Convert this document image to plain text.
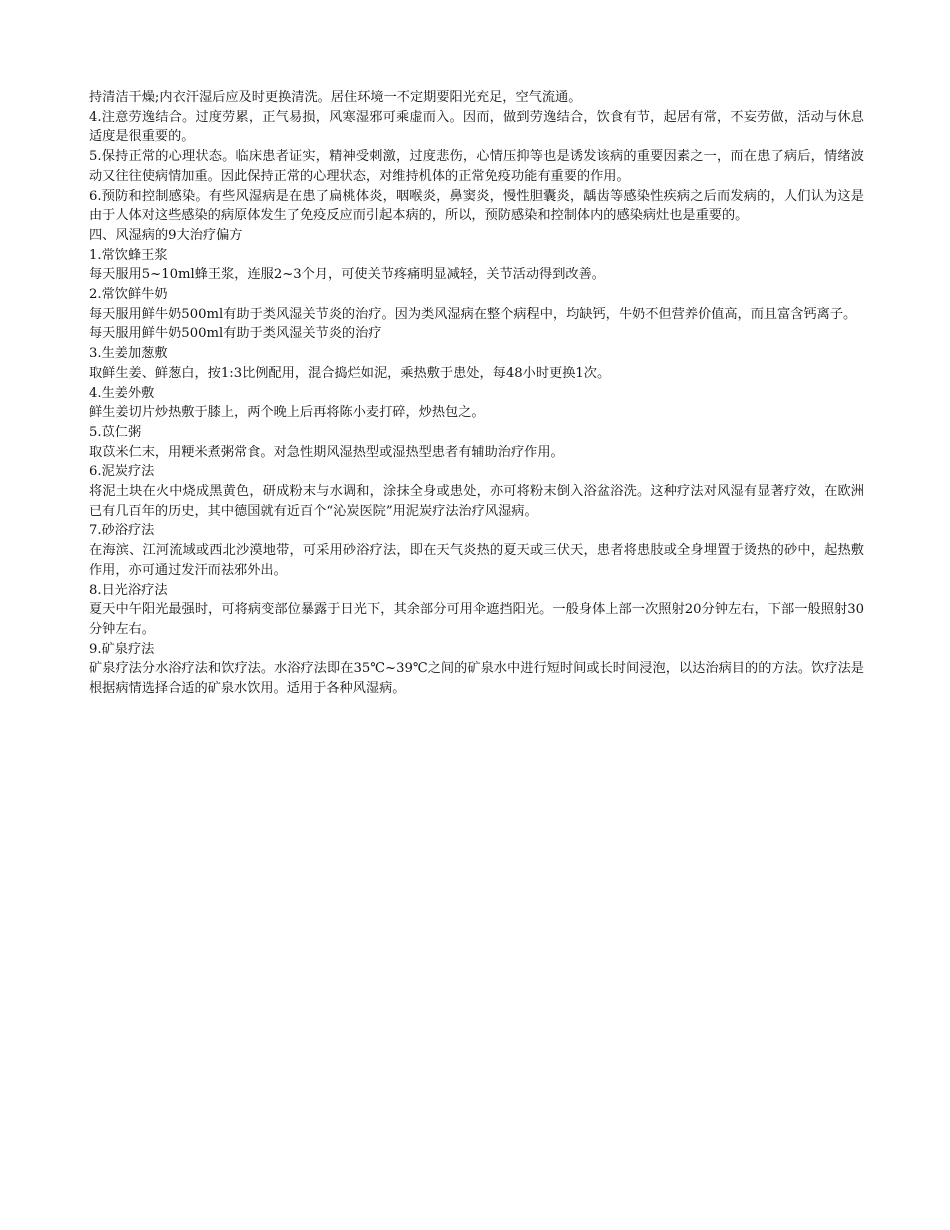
持清洁干燥;内衣汗湿后应及时更换清洗。居住环境一不定期要阳光充足，空气流通。

4.注意劳逸结合。过度劳累，正气易损，风寒湿邪可乘虚而入。因而，做到劳逸结合，饮食有节，起居有常，不妄劳做，活动与休息适度是很重要的。

5.保持正常的心理状态。临床患者证实，精神受刺激，过度悲伤，心情压抑等也是诱发该病的重要因素之一，而在患了病后，情绪波动又往往使病情加重。因此保持正常的心理状态，对维持机体的正常免疫功能有重要的作用。

6.预防和控制感染。有些风湿病是在患了扁桃体炎，咽喉炎，鼻窦炎，慢性胆囊炎，龋齿等感染性疾病之后而发病的，人们认为这是由于人体对这些感染的病原体发生了免疫反应而引起本病的，所以，预防感染和控制体内的感染病灶也是重要的。

四、风湿病的9大治疗偏方

1.常饮蜂王浆

每天服用5~10ml蜂王浆，连服2~3个月，可使关节疼痛明显减轻，关节活动得到改善。

2.常饮鲜牛奶

每天服用鲜牛奶500ml有助于类风湿关节炎的治疗。因为类风湿病在整个病程中，均缺钙，牛奶不但营养价值高，而且富含钙离子。

每天服用鲜牛奶500ml有助于类风湿关节炎的治疗

3.生姜加葱敷

取鲜生姜、鲜葱白，按1:3比例配用，混合捣烂如泥，乘热敷于患处，每48小时更换1次。

4.生姜外敷

鲜生姜切片炒热敷于膝上，两个晚上后再将陈小麦打碎，炒热包之。

5.苡仁粥

取苡米仁末，用粳米煮粥常食。对急性期风湿热型或湿热型患者有辅助治疗作用。

6.泥炭疗法

将泥土块在火中烧成黑黄色，研成粉末与水调和，涂抹全身或患处，亦可将粉末倒入浴盆浴洗。这种疗法对风湿有显著疗效，在欧洲已有几百年的历史，其中德国就有近百个“沁炭医院”用泥炭疗法治疗风湿病。

7.砂浴疗法

在海滨、江河流域或西北沙漠地带，可采用砂浴疗法，即在天气炎热的夏天或三伏天，患者将患肢或全身埋置于烫热的砂中，起热敷作用，亦可通过发汗而祛邪外出。

8.日光浴疗法

夏天中午阳光最强时，可将病变部位暴露于日光下，其余部分可用伞遮挡阳光。一般身体上部一次照射20分钟左右，下部一般照射30分钟左右。

9.矿泉疗法

矿泉疗法分水浴疗法和饮疗法。水浴疗法即在35℃~39℃之间的矿泉水中进行短时间或长时间浸泡，以达治病目的的方法。饮疗法是根据病情选择合适的矿泉水饮用。适用于各种风湿病。
